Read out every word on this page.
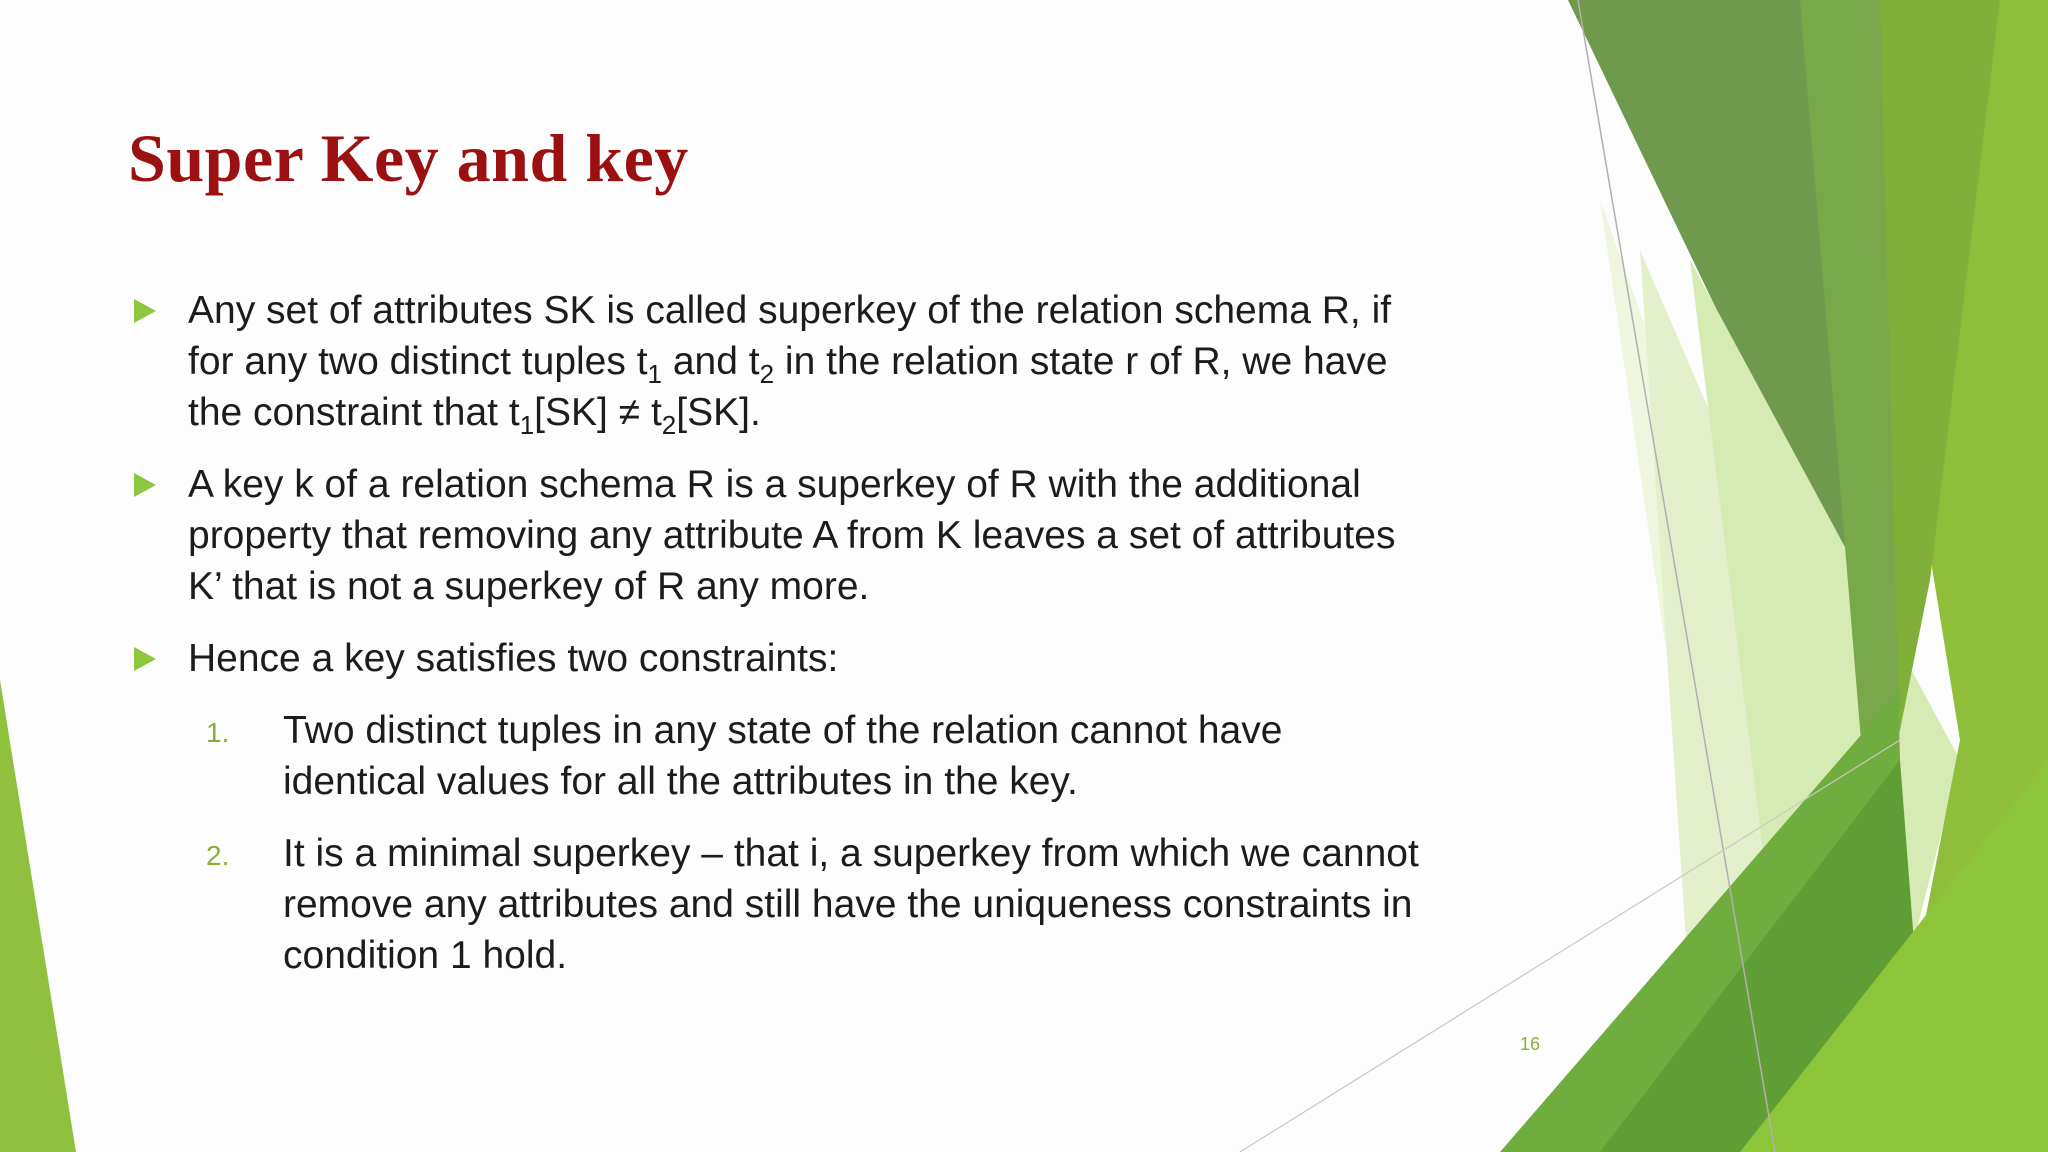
Super Key and key
Any set of attributes SK is called superkey of the relation schema R, if
for any two distinct tuples $t_1$ and $t_2$ in the relation state r of R, we have
the constraint that $t_1[SK] \ne t_2[SK]$.
A key k of a relation schema R is a superkey of R with the additional
property that removing any attribute A from K leaves a set of attributes
K’ that is not a superkey of R any more.
Hence a key satisfies two constraints:
1. Two distinct tuples in any state of the relation cannot have
identical values for all the attributes in the key.
2. It is a minimal superkey – that i, a superkey from which we cannot
remove any attributes and still have the uniqueness constraints in
condition 1 hold.
16
